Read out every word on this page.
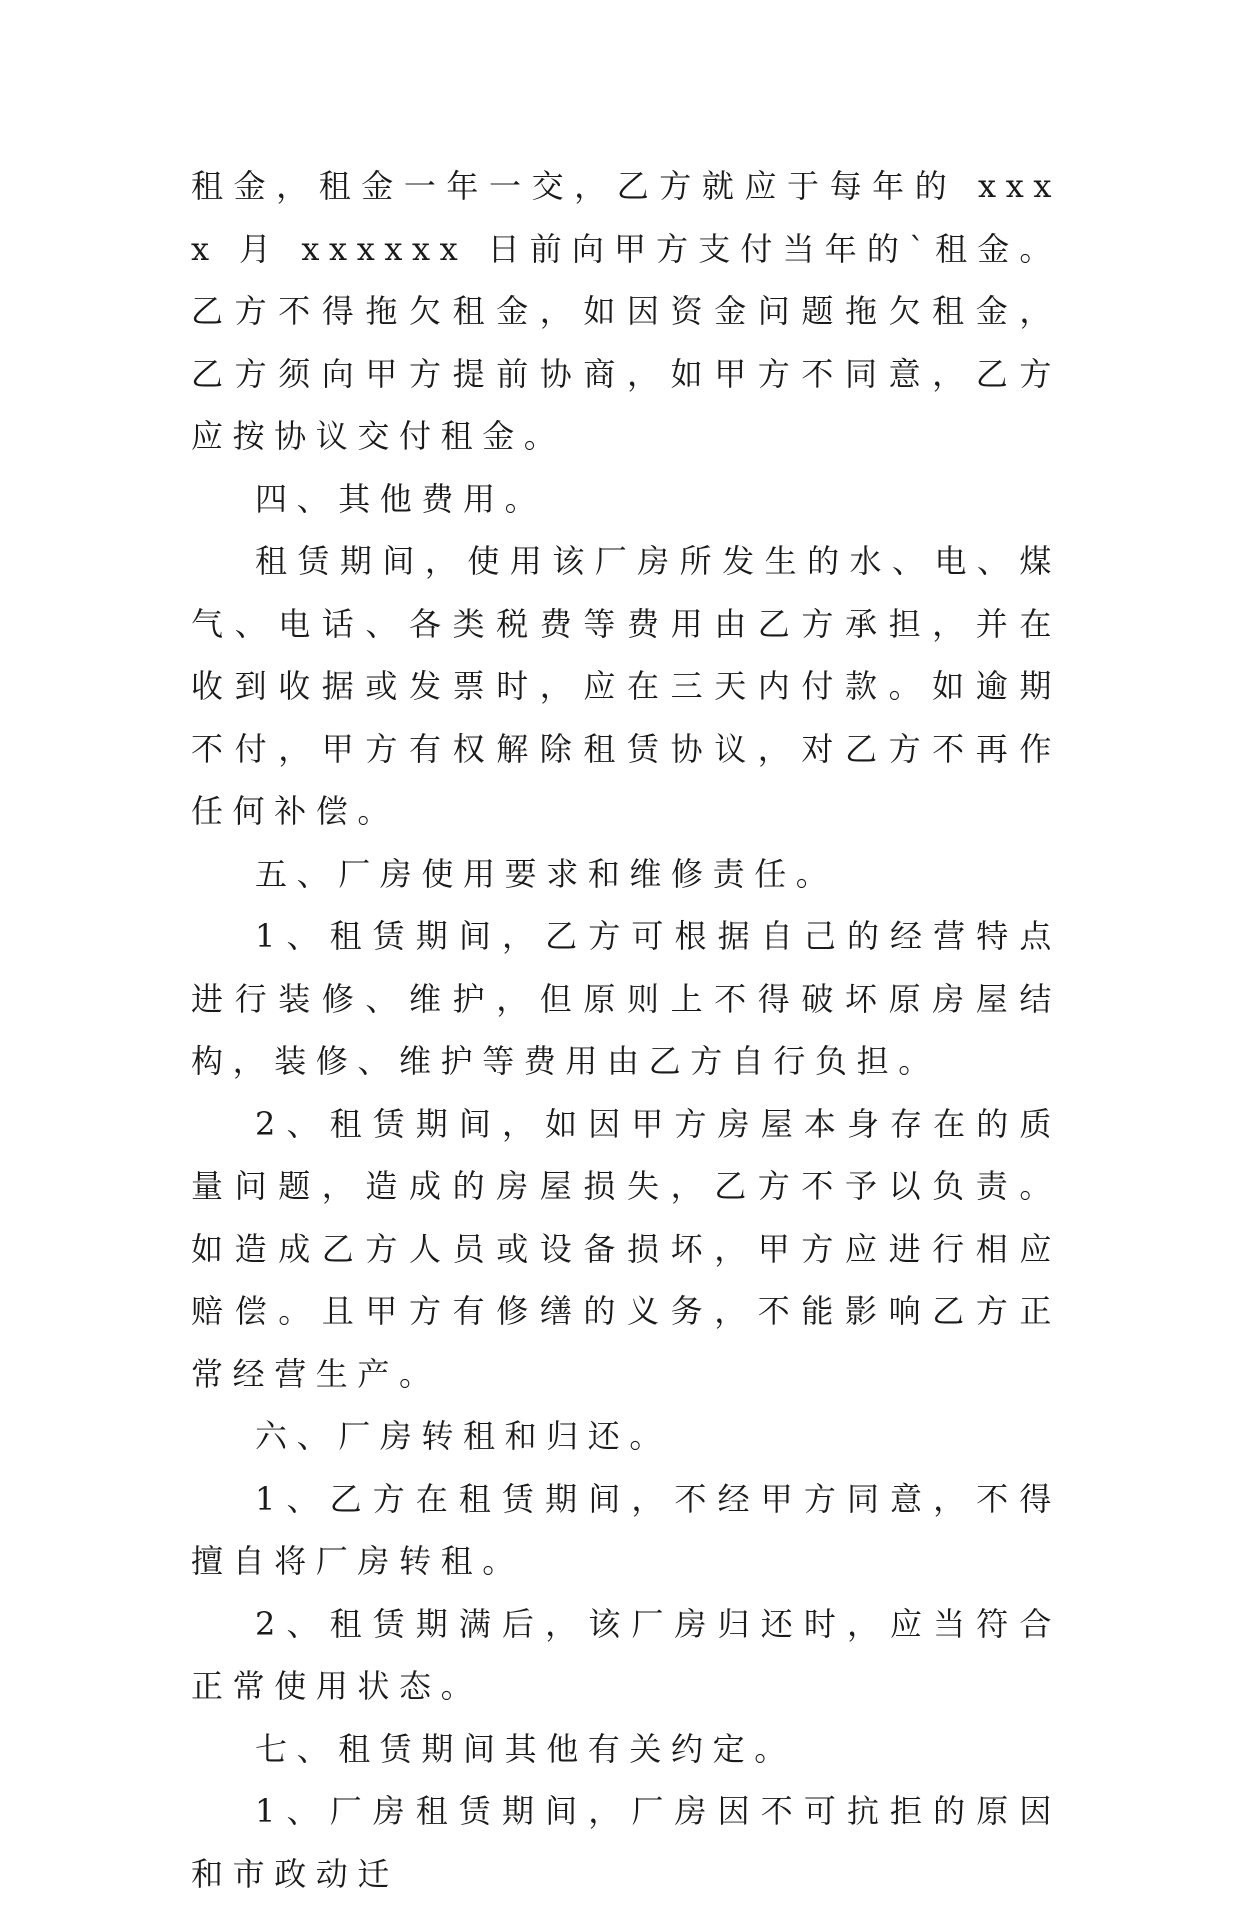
租金，租金一年一交，乙方就应于每年的 xxxx 月 xxxxxx 日前向甲方支付当年的`租金。乙方不得拖欠租金，如因资金问题拖欠租金，乙方须向甲方提前协商，如甲方不同意，乙方应按协议交付租金。

四、其他费用。

租赁期间，使用该厂房所发生的水、电、煤气、电话、各类税费等费用由乙方承担，并在收到收据或发票时，应在三天内付款。如逾期不付，甲方有权解除租赁协议，对乙方不再作任何补偿。

五、厂房使用要求和维修责任。

1、租赁期间，乙方可根据自己的经营特点进行装修、维护，但原则上不得破坏原房屋结构，装修、维护等费用由乙方自行负担。

2、租赁期间，如因甲方房屋本身存在的质量问题，造成的房屋损失，乙方不予以负责。如造成乙方人员或设备损坏，甲方应进行相应赔偿。且甲方有修缮的义务，不能影响乙方正常经营生产。

六、厂房转租和归还。

1、乙方在租赁期间，不经甲方同意，不得擅自将厂房转租。

2、租赁期满后，该厂房归还时，应当符合正常使用状态。

七、租赁期间其他有关约定。

1、厂房租赁期间，厂房因不可抗拒的原因和市政动迁
